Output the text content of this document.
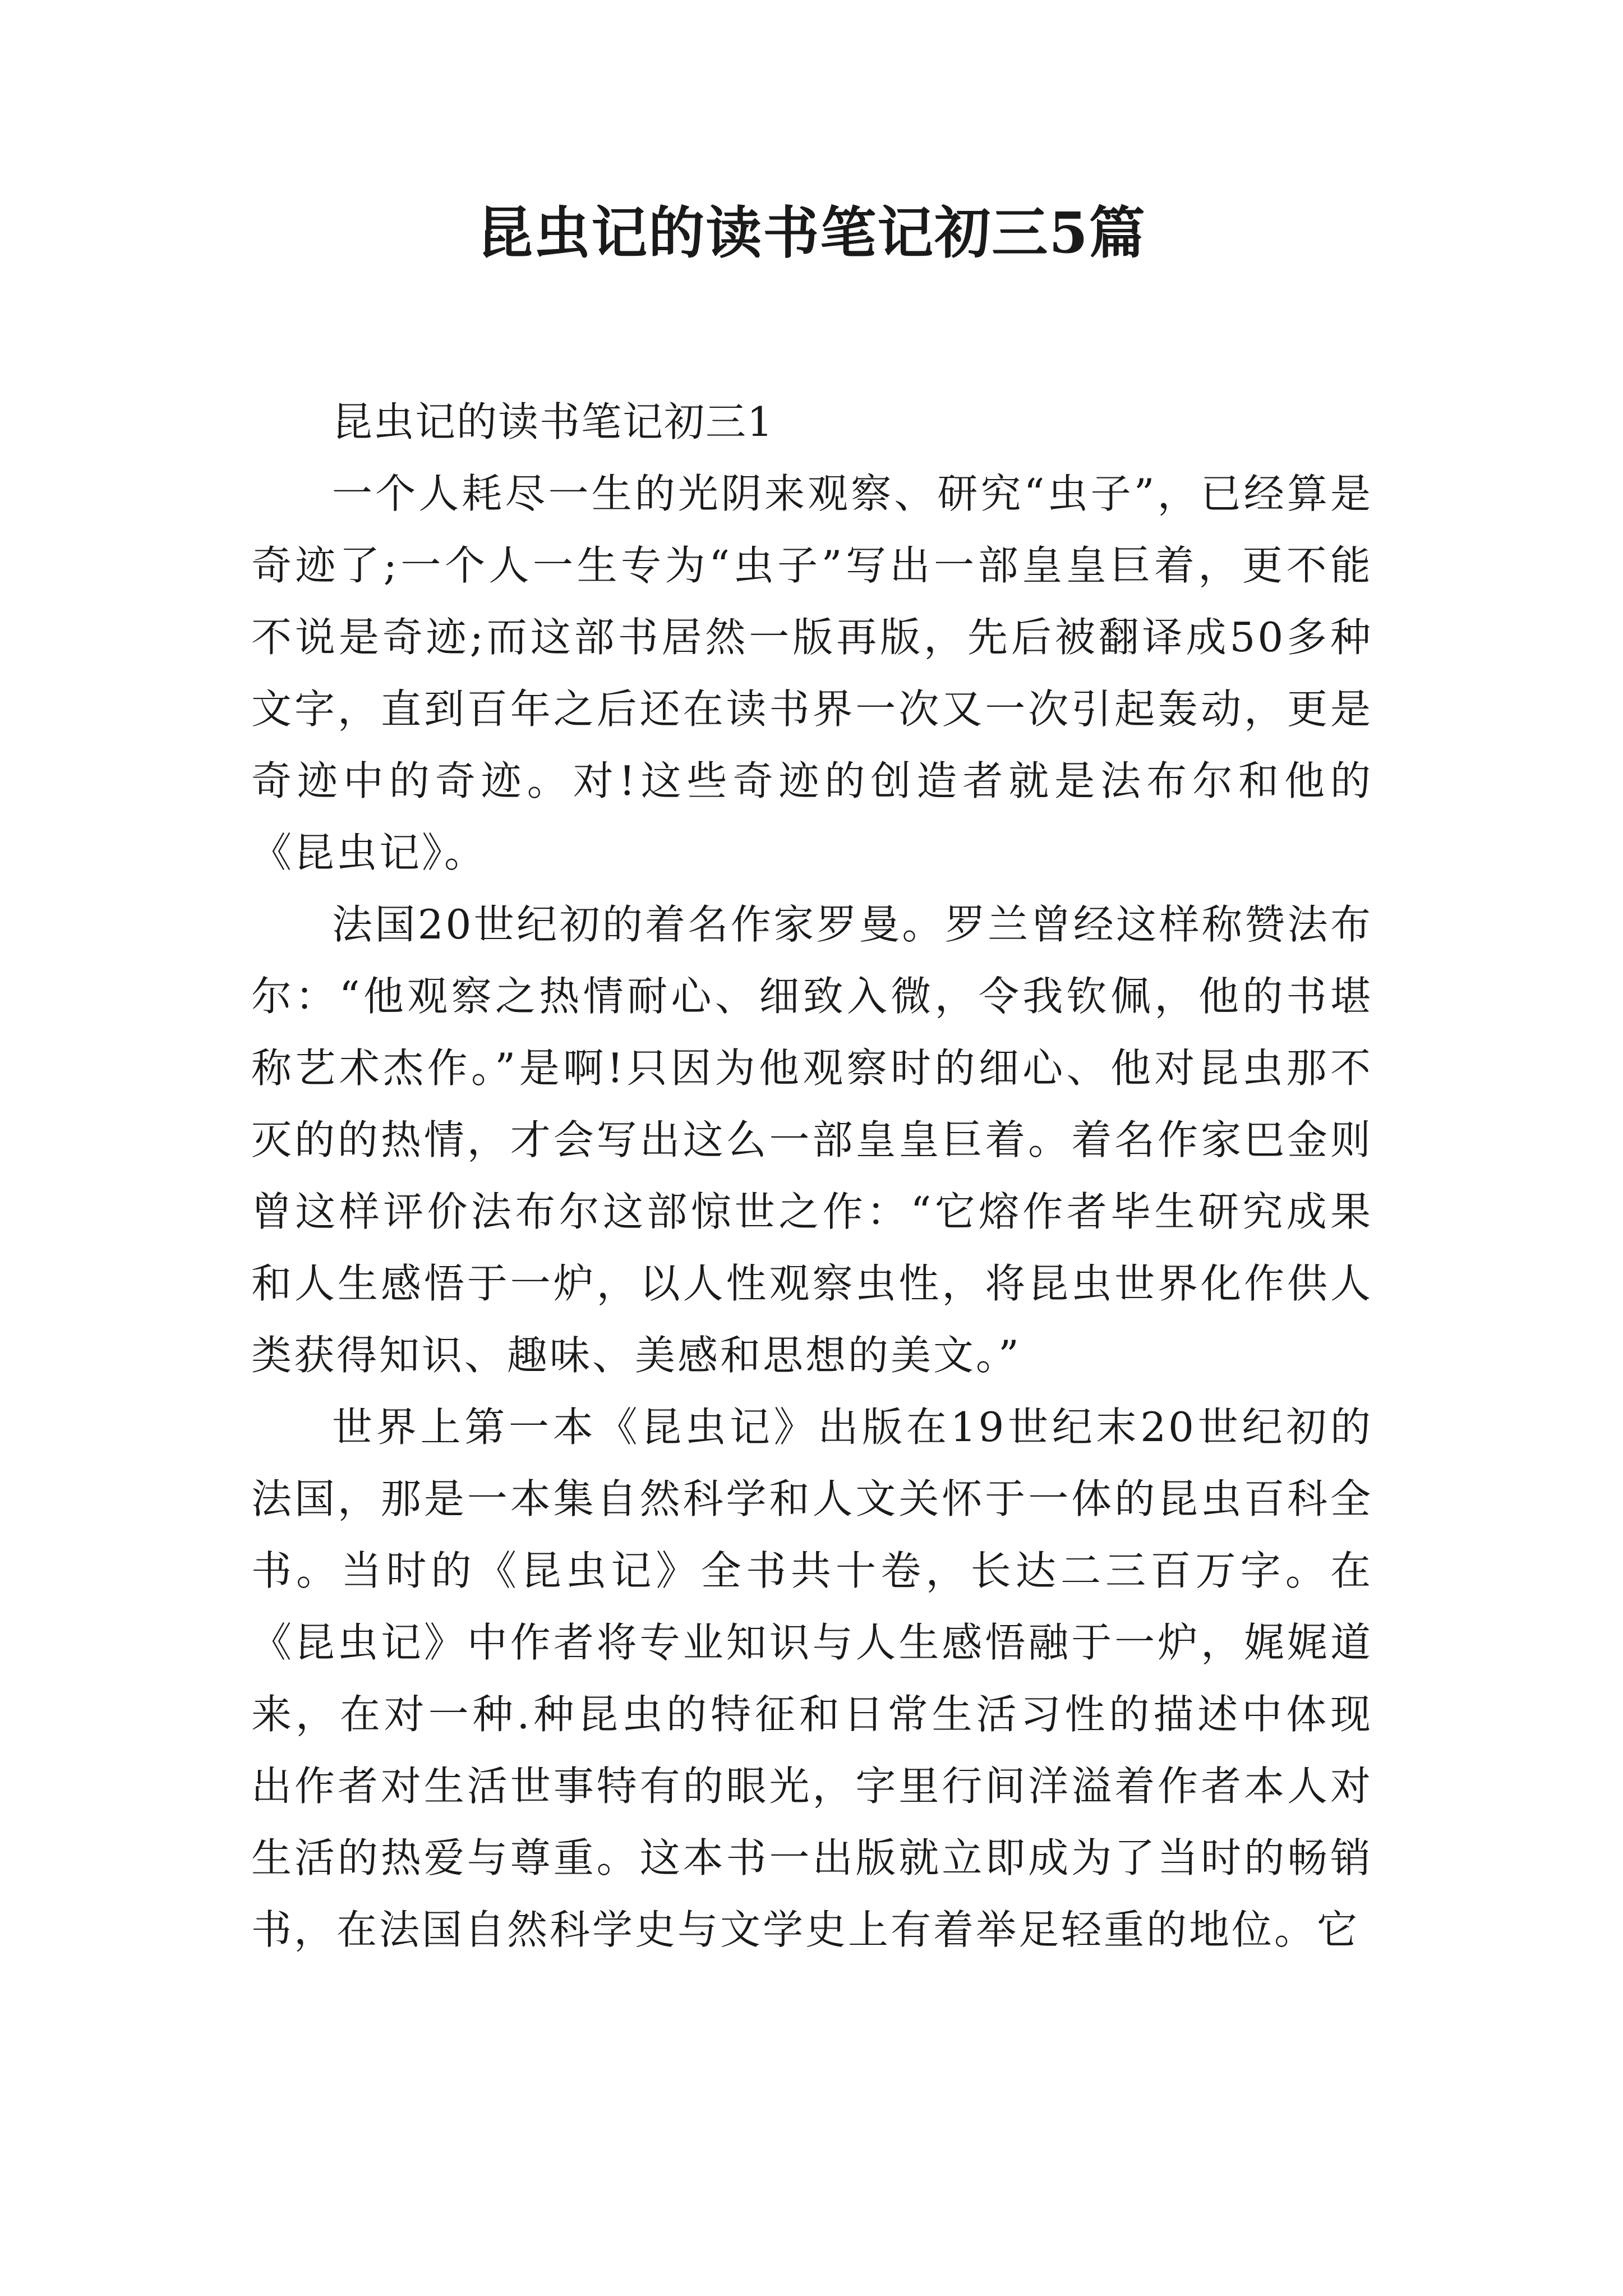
昆虫记的读书笔记初三5篇

昆虫记的读书笔记初三1

一个人耗尽一生的光阴来观察、研究“虫子”，已经算是奇迹了;一个人一生专为“虫子”写出一部皇皇巨着，更不能不说是奇迹;而这部书居然一版再版，先后被翻译成50多种文字，直到百年之后还在读书界一次又一次引起轰动，更是奇迹中的奇迹。对!这些奇迹的创造者就是法布尔和他的《昆虫记》。

法国20世纪初的着名作家罗曼。罗兰曾经这样称赞法布尔：“他观察之热情耐心、细致入微，令我钦佩，他的书堪称艺术杰作。”是啊!只因为他观察时的细心、他对昆虫那不灭的的热情，才会写出这么一部皇皇巨着。着名作家巴金则曾这样评价法布尔这部惊世之作：“它熔作者毕生研究成果和人生感悟于一炉，以人性观察虫性，将昆虫世界化作供人类获得知识、趣味、美感和思想的美文。”

世界上第一本《昆虫记》出版在19世纪末20世纪初的法国，那是一本集自然科学和人文关怀于一体的昆虫百科全书。当时的《昆虫记》全书共十卷，长达二三百万字。在《昆虫记》中作者将专业知识与人生感悟融于一炉，娓娓道来，在对一种.种昆虫的特征和日常生活习性的描述中体现出作者对生活世事特有的眼光，字里行间洋溢着作者本人对生活的热爱与尊重。这本书一出版就立即成为了当时的畅销书，在法国自然科学史与文学史上有着举足轻重的地位。它
